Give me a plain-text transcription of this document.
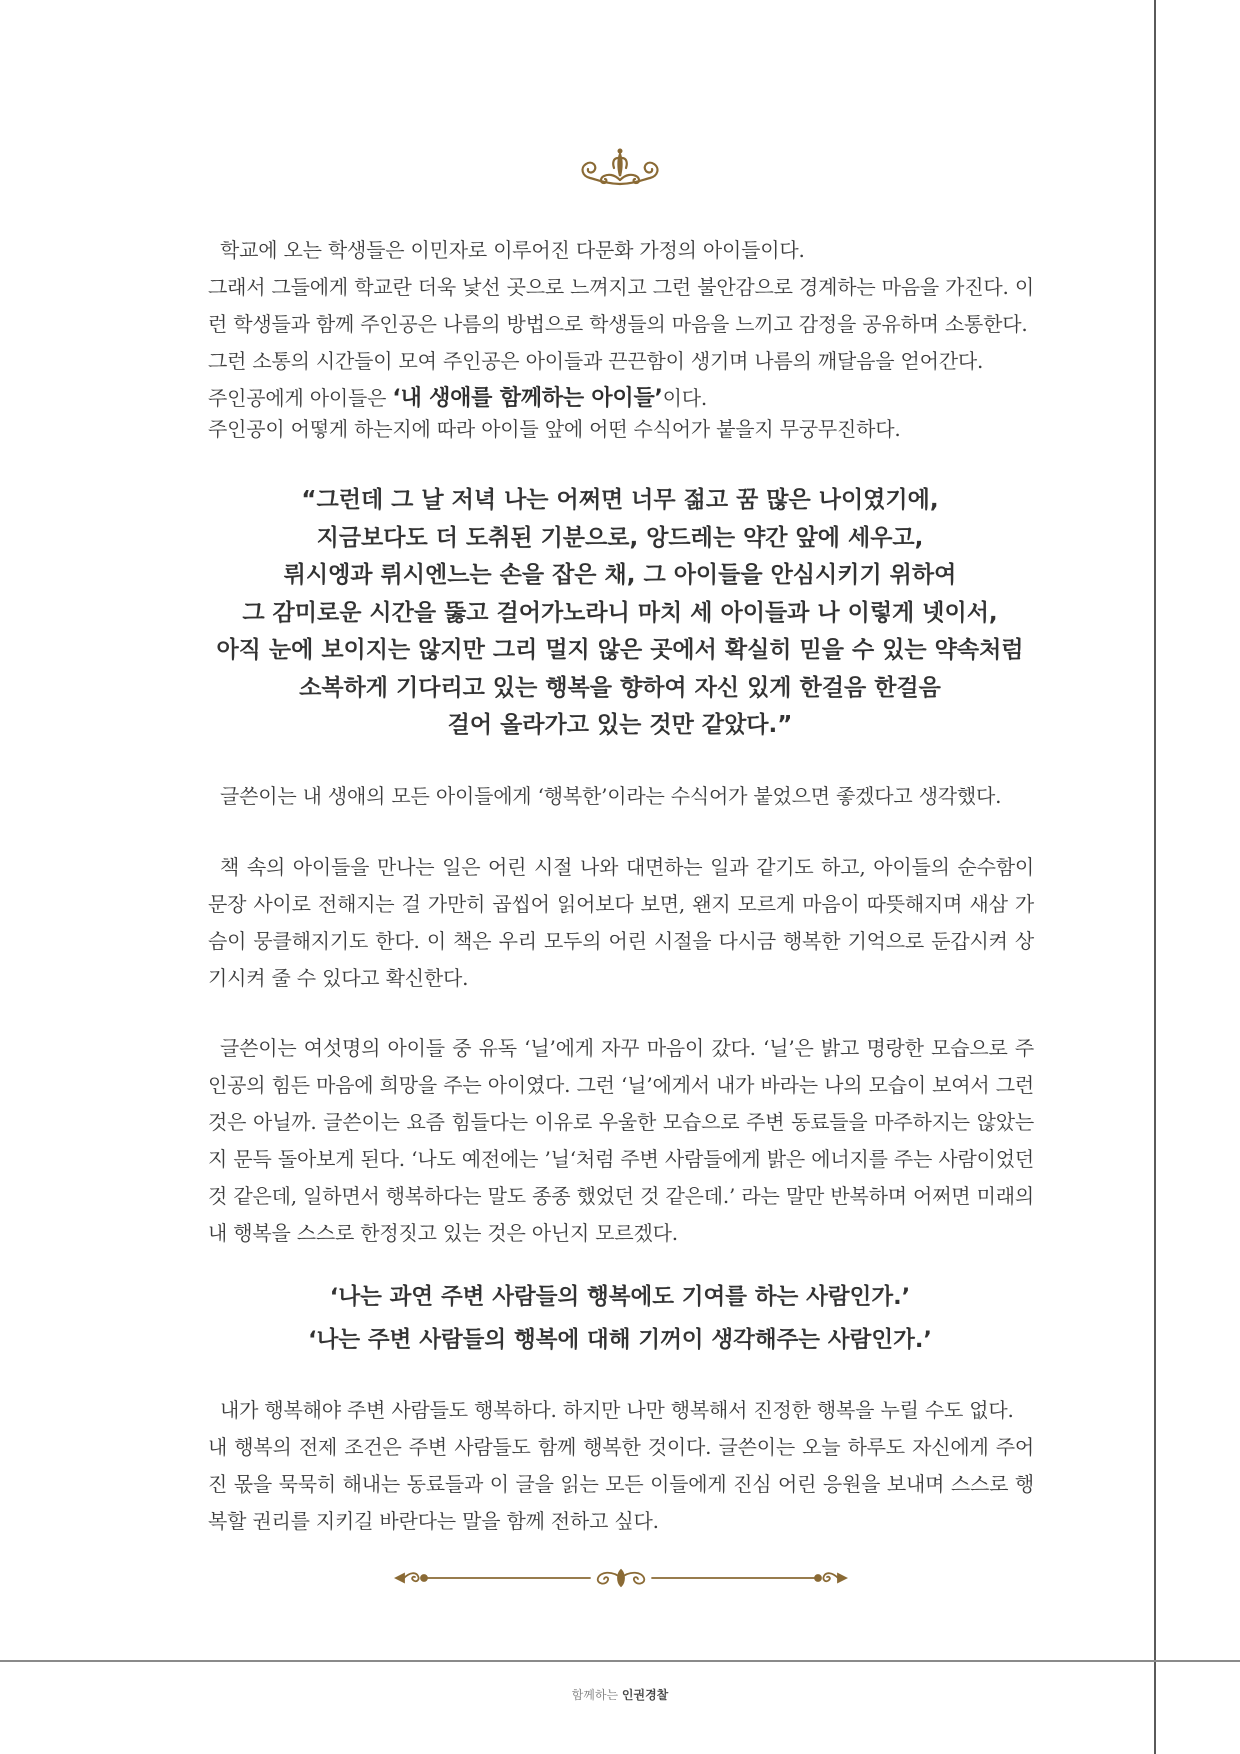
학교에 오는 학생들은 이민자로 이루어진 다문화 가정의 아이들이다.
그래서 그들에게 학교란 더욱 낯선 곳으로 느껴지고 그런 불안감으로 경계하는 마음을 가진다. 이런 학생들과 함께 주인공은 나름의 방법으로 학생들의 마음을 느끼고 감정을 공유하며 소통한다.
그런 소통의 시간들이 모여 주인공은 아이들과 끈끈함이 생기며 나름의 깨달음을 얻어간다.
주인공에게 아이들은 ‘내 생애를 함께하는 아이들’이다.
주인공이 어떻게 하는지에 따라 아이들 앞에 어떤 수식어가 붙을지 무궁무진하다.
“그런데 그 날 저녁 나는 어쩌면 너무 젊고 꿈 많은 나이였기에,
지금보다도 더 도취된 기분으로, 앙드레는 약간 앞에 세우고,
뤼시엥과 뤼시엔느는 손을 잡은 채, 그 아이들을 안심시키기 위하여
그 감미로운 시간을 뚫고 걸어가노라니 마치 세 아이들과 나 이렇게 넷이서,
아직 눈에 보이지는 않지만 그리 멀지 않은 곳에서 확실히 믿을 수 있는 약속처럼
소복하게 기다리고 있는 행복을 향하여 자신 있게 한걸음 한걸음
걸어 올라가고 있는 것만 같았다.”

글쓴이는 내 생애의 모든 아이들에게 ‘행복한’이라는 수식어가 붙었으면 좋겠다고 생각했다.

책 속의 아이들을 만나는 일은 어린 시절 나와 대면하는 일과 같기도 하고, 아이들의 순수함이 문장 사이로 전해지는 걸 가만히 곱씹어 읽어보다 보면, 왠지 모르게 마음이 따뜻해지며 새삼 가슴이 뭉클해지기도 한다. 이 책은 우리 모두의 어린 시절을 다시금 행복한 기억으로 둔갑시켜 상기시켜 줄 수 있다고 확신한다.

글쓴이는 여섯명의 아이들 중 유독 ‘닐’에게 자꾸 마음이 갔다. ‘닐’은 밝고 명랑한 모습으로 주인공의 힘든 마음에 희망을 주는 아이였다. 그런 ‘닐’에게서 내가 바라는 나의 모습이 보여서 그런 것은 아닐까. 글쓴이는 요즘 힘들다는 이유로 우울한 모습으로 주변 동료들을 마주하지는 않았는지 문득 돌아보게 된다. ‘나도 예전에는 ’닐‘처럼 주변 사람들에게 밝은 에너지를 주는 사람이었던 것 같은데, 일하면서 행복하다는 말도 종종 했었던 것 같은데.’ 라는 말만 반복하며 어쩌면 미래의 내 행복을 스스로 한정짓고 있는 것은 아닌지 모르겠다.

‘나는 과연 주변 사람들의 행복에도 기여를 하는 사람인가.’
‘나는 주변 사람들의 행복에 대해 기꺼이 생각해주는 사람인가.’
내가 행복해야 주변 사람들도 행복하다. 하지만 나만 행복해서 진정한 행복을 누릴 수도 없다.
내 행복의 전제 조건은 주변 사람들도 함께 행복한 것이다. 글쓴이는 오늘 하루도 자신에게 주어진 몫을 묵묵히 해내는 동료들과 이 글을 읽는 모든 이들에게 진심 어린 응원을 보내며 스스로 행복할 권리를 지키길 바란다는 말을 함께 전하고 싶다.
함께하는 인권경찰
